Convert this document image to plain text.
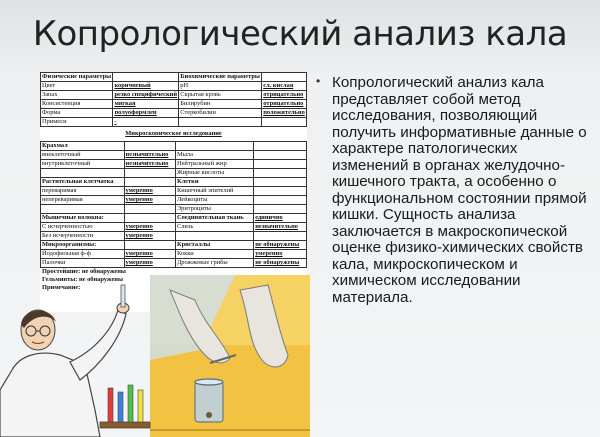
Копрологический анализ кала
Физические параметры		Биохимические параметры	
Цвет	коричневый	pH	сл. кислая
Запах	резко специфический	Скрытая кровь	отрицательно
Консистенция	мягкая	Билирубин	отрицательно
Форма	полуоформлен	Стеркобилин	положительно
Примеси	-		
Микроскопическое исследование
Крахмал			
внеклеточный	незначительно	Мыла	
внутриклеточный	незначительно	Нейтральный жир	
		Жирные кислоты	
Растительная клетчатка		Клетки	
переваримая	умеренно	Кишечный эпителий	
непереваримая	умеренно	Лейкоциты	
		Эритроциты	
Мышечные волокна:		Соединительная ткань	единично
С исчерченностью	умеренно	Слизь	незначительно
Без исчерченности	умеренно		
Микроорганизмы:		Кристаллы	не обнаружены
Йодофильная ф-ф	умеренно	Кокки	умеренно
Палочки	умеренно	Дрожжевые грибы	не обнаружены
Простейшие: не обнаружены
Гельминты: не обнаружены
Примечание:
• Копрологический анализ кала представляет собой метод исследования, позволяющий получить информативные данные о характере патологических изменений в органах желудочно-кишечного тракта, а особенно о функциональном состоянии прямой кишки. Сущность анализа заключается в макроскопической оценке физико-химических свойств кала, микроскопическом и химическом исследовании материала.
